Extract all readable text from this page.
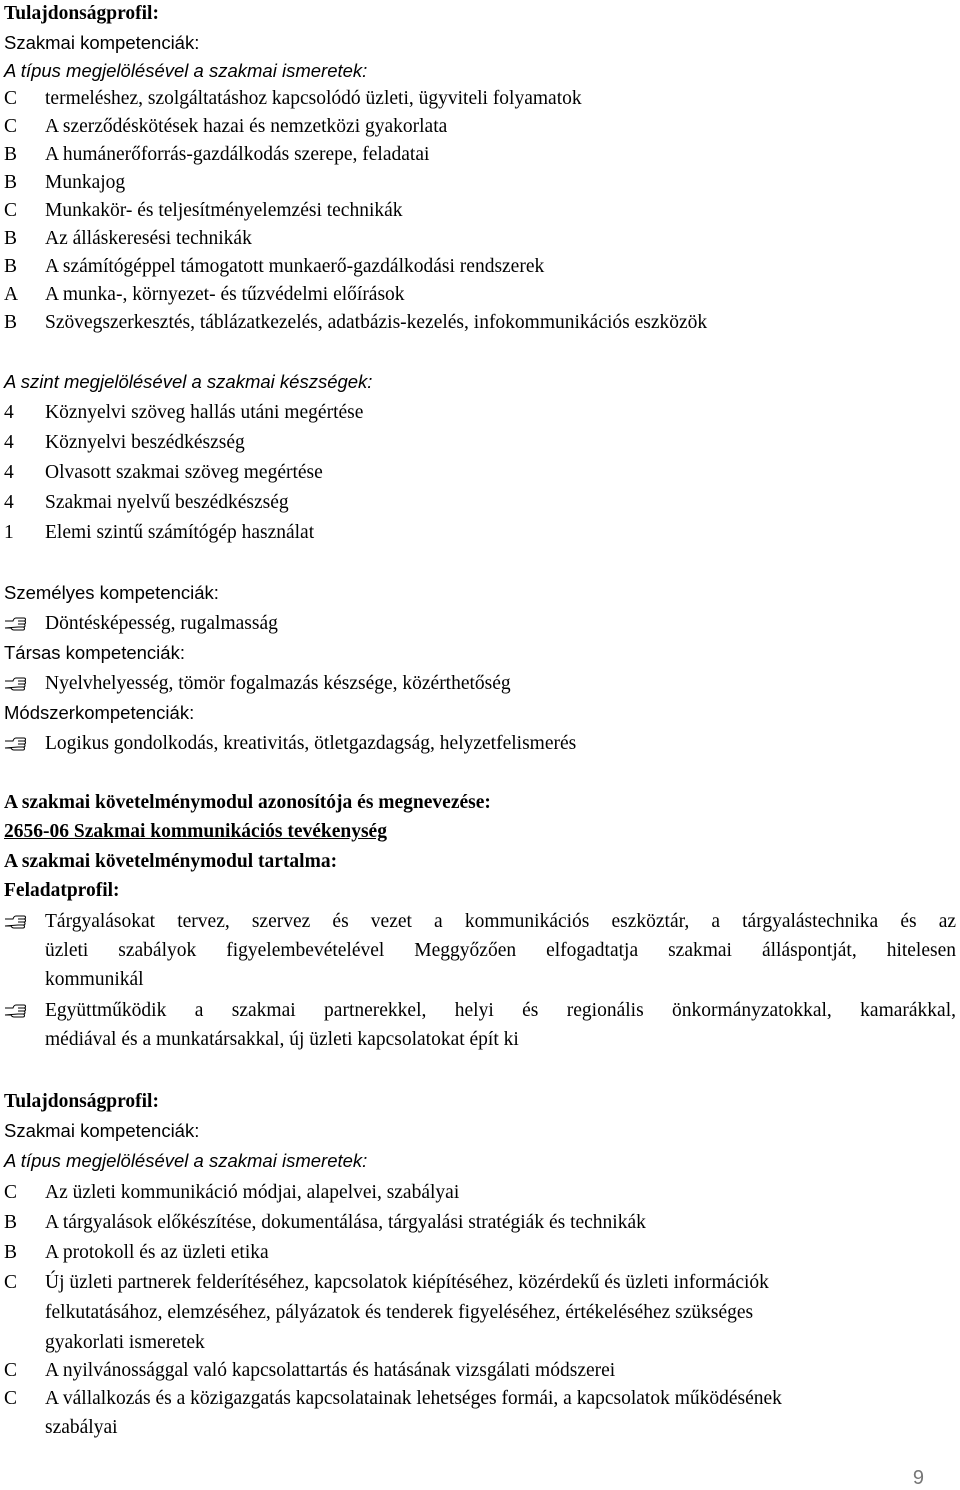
Tulajdonságprofil:
Szakmai kompetenciák:
A típus megjelölésével a szakmai ismeretek:
C	termeléshez, szolgáltatáshoz kapcsolódó üzleti, ügyviteli folyamatok
C	A szerződéskötések hazai és nemzetközi gyakorlata
B	A humánerőforrás-gazdálkodás szerepe, feladatai
B	Munkajog
C	Munkakör- és teljesítményelemzési technikák
B	Az álláskeresési technikák
B	A számítógéppel támogatott munkaerő-gazdálkodási rendszerek
A	A munka-, környezet- és tűzvédelmi előírások
B	Szövegszerkesztés, táblázatkezelés, adatbázis-kezelés, infokommunikációs eszközök
A szint megjelölésével a szakmai készségek:
4	Köznyelvi szöveg hallás utáni megértése
4	Köznyelvi beszédkészség
4	Olvasott szakmai szöveg megértése
4	Szakmai nyelvű beszédkészség
1	Elemi szintű számítógép használat
Személyes kompetenciák:
Döntésképesség, rugalmasság
Társas kompetenciák:
Nyelvhelyesség, tömör fogalmazás készsége, közérthetőség
Módszerkompetenciák:
Logikus gondolkodás, kreativitás, ötletgazdagság, helyzetfelismerés
A szakmai követelménymodul azonosítója és megnevezése:
2656-06 Szakmai kommunikációs tevékenység
A szakmai követelménymodul tartalma:
Feladatprofil:
Tárgyalásokat tervez, szervez és vezet a kommunikációs eszköztár, a tárgyalástechnika és az
üzleti szabályok figyelembevételével Meggyőzően elfogadtatja szakmai álláspontját, hitelesen
kommunikál
Együttműködik a szakmai partnerekkel, helyi és regionális önkormányzatokkal, kamarákkal,
médiával és a munkatársakkal, új üzleti kapcsolatokat épít ki
Tulajdonságprofil:
Szakmai kompetenciák:
A típus megjelölésével a szakmai ismeretek:
C	Az üzleti kommunikáció módjai, alapelvei, szabályai
B	A tárgyalások előkészítése, dokumentálása, tárgyalási stratégiák és technikák
B	A protokoll és az üzleti etika
C	Új üzleti partnerek felderítéséhez, kapcsolatok kiépítéséhez, közérdekű és üzleti információk
felkutatásához, elemzéséhez, pályázatok és tenderek figyeléséhez, értékeléséhez szükséges
gyakorlati ismeretek
C	A nyilvánossággal való kapcsolattartás és hatásának vizsgálati módszerei
C	A vállalkozás és a közigazgatás kapcsolatainak lehetséges formái, a kapcsolatok működésének
szabályai
9
